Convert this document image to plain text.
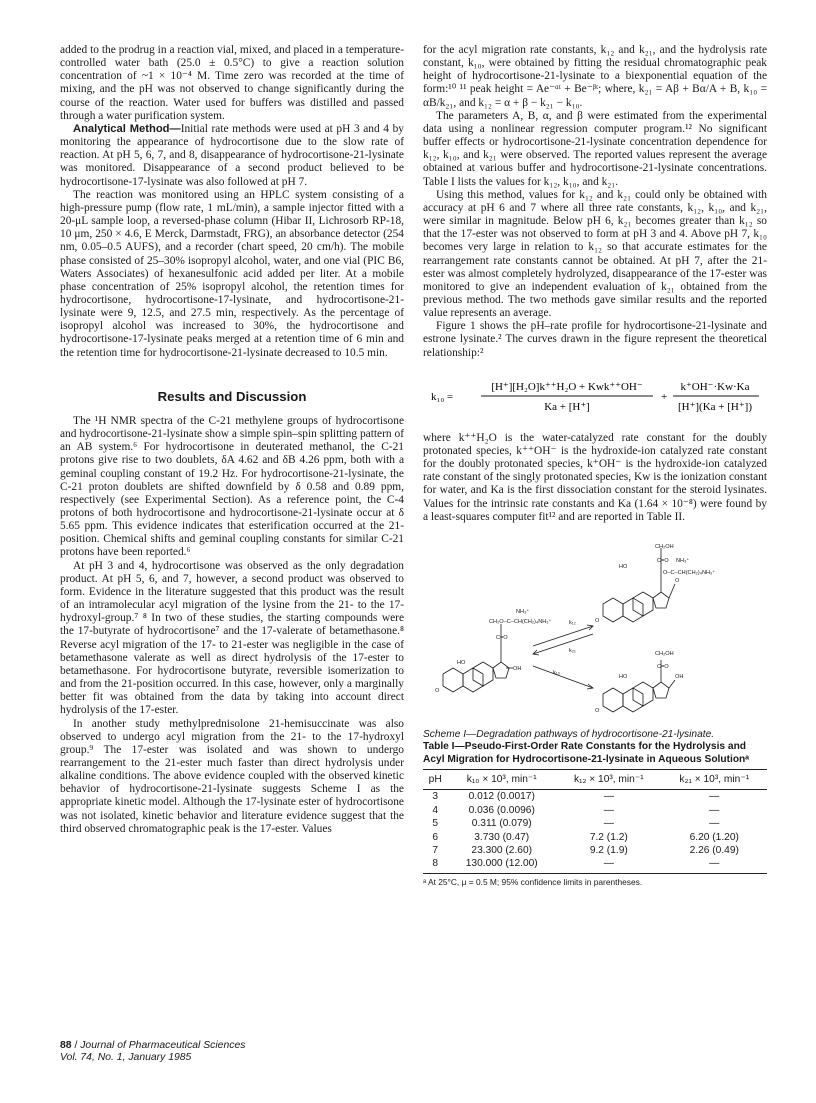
added to the prodrug in a reaction vial, mixed, and placed in a temperature-controlled water bath (25.0 ± 0.5°C) to give a reaction solution concentration of ~1 × 10⁻⁴ M. Time zero was recorded at the time of mixing, and the pH was not observed to change significantly during the course of the reaction. Water used for buffers was distilled and passed through a water purification system.

Analytical Method—Initial rate methods were used at pH 3 and 4 by monitoring the appearance of hydrocortisone due to the slow rate of reaction. At pH 5, 6, 7, and 8, disappearance of hydrocortisone-21-lysinate was monitored. Disappearance of a second product believed to be hydrocortisone-17-lysinate was also followed at pH 7.

The reaction was monitored using an HPLC system consisting of a high-pressure pump (flow rate, 1 mL/min), a sample injector fitted with a 20-μL sample loop, a reversed-phase column (Hibar II, Lichrosorb RP-18, 10 μm, 250 × 4.6, E Merck, Darmstadt, FRG), an absorbance detector (254 nm, 0.05–0.5 AUFS), and a recorder (chart speed, 20 cm/h). The mobile phase consisted of 25–30% isopropyl alcohol, water, and one vial (PIC B6, Waters Associates) of hexanesulfonic acid added per liter. At a mobile phase concentration of 25% isopropyl alcohol, the retention times for hydrocortisone, hydrocortisone-17-lysinate, and hydrocortisone-21-lysinate were 9, 12.5, and 27.5 min, respectively. As the percentage of isopropyl alcohol was increased to 30%, the hydrocortisone and hydrocortisone-17-lysinate peaks merged at a retention time of 6 min and the retention time for hydrocortisone-21-lysinate decreased to 10.5 min.

Results and Discussion

The ¹H NMR spectra of the C-21 methylene groups of hydrocortisone and hydrocortisone-21-lysinate show a simple spin–spin splitting pattern of an AB system.⁶ For hydrocortisone in deuterated methanol, the C-21 protons give rise to two doublets, δA 4.62 and δB 4.26 ppm, both with a geminal coupling constant of 19.2 Hz. For hydrocortisone-21-lysinate, the C-21 proton doublets are shifted downfield by δ 0.58 and 0.89 ppm, respectively (see Experimental Section). As a reference point, the C-4 protons of both hydrocortisone and hydrocortisone-21-lysinate occur at δ 5.65 ppm. This evidence indicates that esterification occurred at the 21-position. Chemical shifts and geminal coupling constants for similar C-21 protons have been reported.⁶

At pH 3 and 4, hydrocortisone was observed as the only degradation product. At pH 5, 6, and 7, however, a second product was observed to form. Evidence in the literature suggested that this product was the result of an intramolecular acyl migration of the lysine from the 21- to the 17-hydroxyl-group.⁷ ⁸ In two of these studies, the starting compounds were the 17-butyrate of hydrocortisone⁷ and the 17-valerate of betamethasone.⁸ Reverse acyl migration of the 17- to 21-ester was negligible in the case of betamethasone valerate as well as direct hydrolysis of the 17-ester to betamethasone. For hydrocortisone butyrate, reversible isomerization to and from the 21-position occurred. In this case, however, only a marginally better fit was obtained from the data by taking into account direct hydrolysis of the 17-ester.

In another study methylprednisolone 21-hemisuccinate was also observed to undergo acyl migration from the 21- to the 17-hydroxyl group.⁹ The 17-ester was isolated and was shown to undergo rearrangement to the 21-ester much faster than direct hydrolysis under alkaline conditions. The above evidence coupled with the observed kinetic behavior of hydrocortisone-21-lysinate suggests Scheme I as the appropriate kinetic model. Although the 17-lysinate ester of hydrocortisone was not isolated, kinetic behavior and literature evidence suggest that the third observed chromatographic peak is the 17-ester. Values

for the acyl migration rate constants, k₁₂ and k₂₁, and the hydrolysis rate constant, k₁₀, were obtained by fitting the residual chromatographic peak height of hydrocortisone-21-lysinate to a biexponential equation of the form:¹⁰ ¹¹ peak height = Ae⁻ᵅᵗ + Be⁻ᵝᵗ; where, k₂₁ = Aβ + Bα/A + B, k₁₀ = αB/k₂₁, and k₁₂ = α + β − k₂₁ − k₁₀.

The parameters A, B, α, and β were estimated from the experimental data using a nonlinear regression computer program.¹² No significant buffer effects or hydrocortisone-21-lysinate concentration dependence for k₁₂, k₁₀, and k₂₁ were observed. The reported values represent the average obtained at various buffer and hydrocortisone-21-lysinate concentrations. Table I lists the values for k₁₂, k₁₀, and k₂₁.

Using this method, values for k₁₂ and k₂₁ could only be obtained with accuracy at pH 6 and 7 where all three rate constants, k₁₂, k₁₀, and k₂₁, were similar in magnitude. Below pH 6, k₂₁ becomes greater than k₁₂ so that the 17-ester was not observed to form at pH 3 and 4. Above pH 7, k₁₀ becomes very large in relation to k₁₂ so that accurate estimates for the rearrangement rate constants cannot be obtained. At pH 7, after the 21-ester was almost completely hydrolyzed, disappearance of the 17-ester was monitored to give an independent evaluation of k₂₁ obtained from the previous method. The two methods gave similar results and the reported value represents an average.

Figure 1 shows the pH–rate profile for hydrocortisone-21-lysinate and estrone lysinate.² The curves drawn in the figure represent the theoretical relationship:²

k₁₀ =
[H⁺][H₂O]k⁺⁺H₂O + Kwk⁺⁺OH⁻
Ka + [H⁺]
+
k⁺OH⁻·Kw·Ka
[H⁺](Ka + [H⁺])

where k⁺⁺H₂O is the water-catalyzed rate constant for the doubly protonated species, k⁺⁺OH⁻ is the hydroxide-ion catalyzed rate constant for the doubly protonated species, k⁺OH⁻ is the hydroxide-ion catalyzed rate constant of the singly protonated species, Kw is the ionization constant for water, and Ka is the first dissociation constant for the steroid lysinates. Values for the intrinsic rate constants and Ka (1.64 × 10⁻⁸) were found by a least-squares computer fit¹² and are reported in Table II.

CH₂O–C–CH(CH₂)₄NH₃⁺
NH₃⁺
C=O
OH
HO
O
k₁₂
k₂₁
k₁₀
CH₂OH
C=O NH₃⁺
O–C–CH(CH₂)₄NH₃⁺
O
HO
O
CH₂OH
C=O
OH
HO
O

Scheme I—Degradation pathways of hydrocortisone-21-lysinate.

Table I—Pseudo-First-Order Rate Constants for the Hydrolysis and Acyl Migration for Hydrocortisone-21-lysinate in Aqueous Solutionᵃ
pH	k₁₀ × 10³, min⁻¹	k₁₂ × 10³, min⁻¹	k₂₁ × 10³, min⁻¹
3	0.012 (0.0017)	—	—
4	0.036 (0.0096)	—	—
5	0.311 (0.079)	—	—
6	3.730 (0.47)	7.2 (1.2)	6.20 (1.20)
7	23.300 (2.60)	9.2 (1.9)	2.26 (0.49)
8	130.000 (12.00)	—	—
ᵃ At 25°C, μ = 0.5 M; 95% confidence limits in parentheses.
88 / Journal of Pharmaceutical Sciences
Vol. 74, No. 1, January 1985
